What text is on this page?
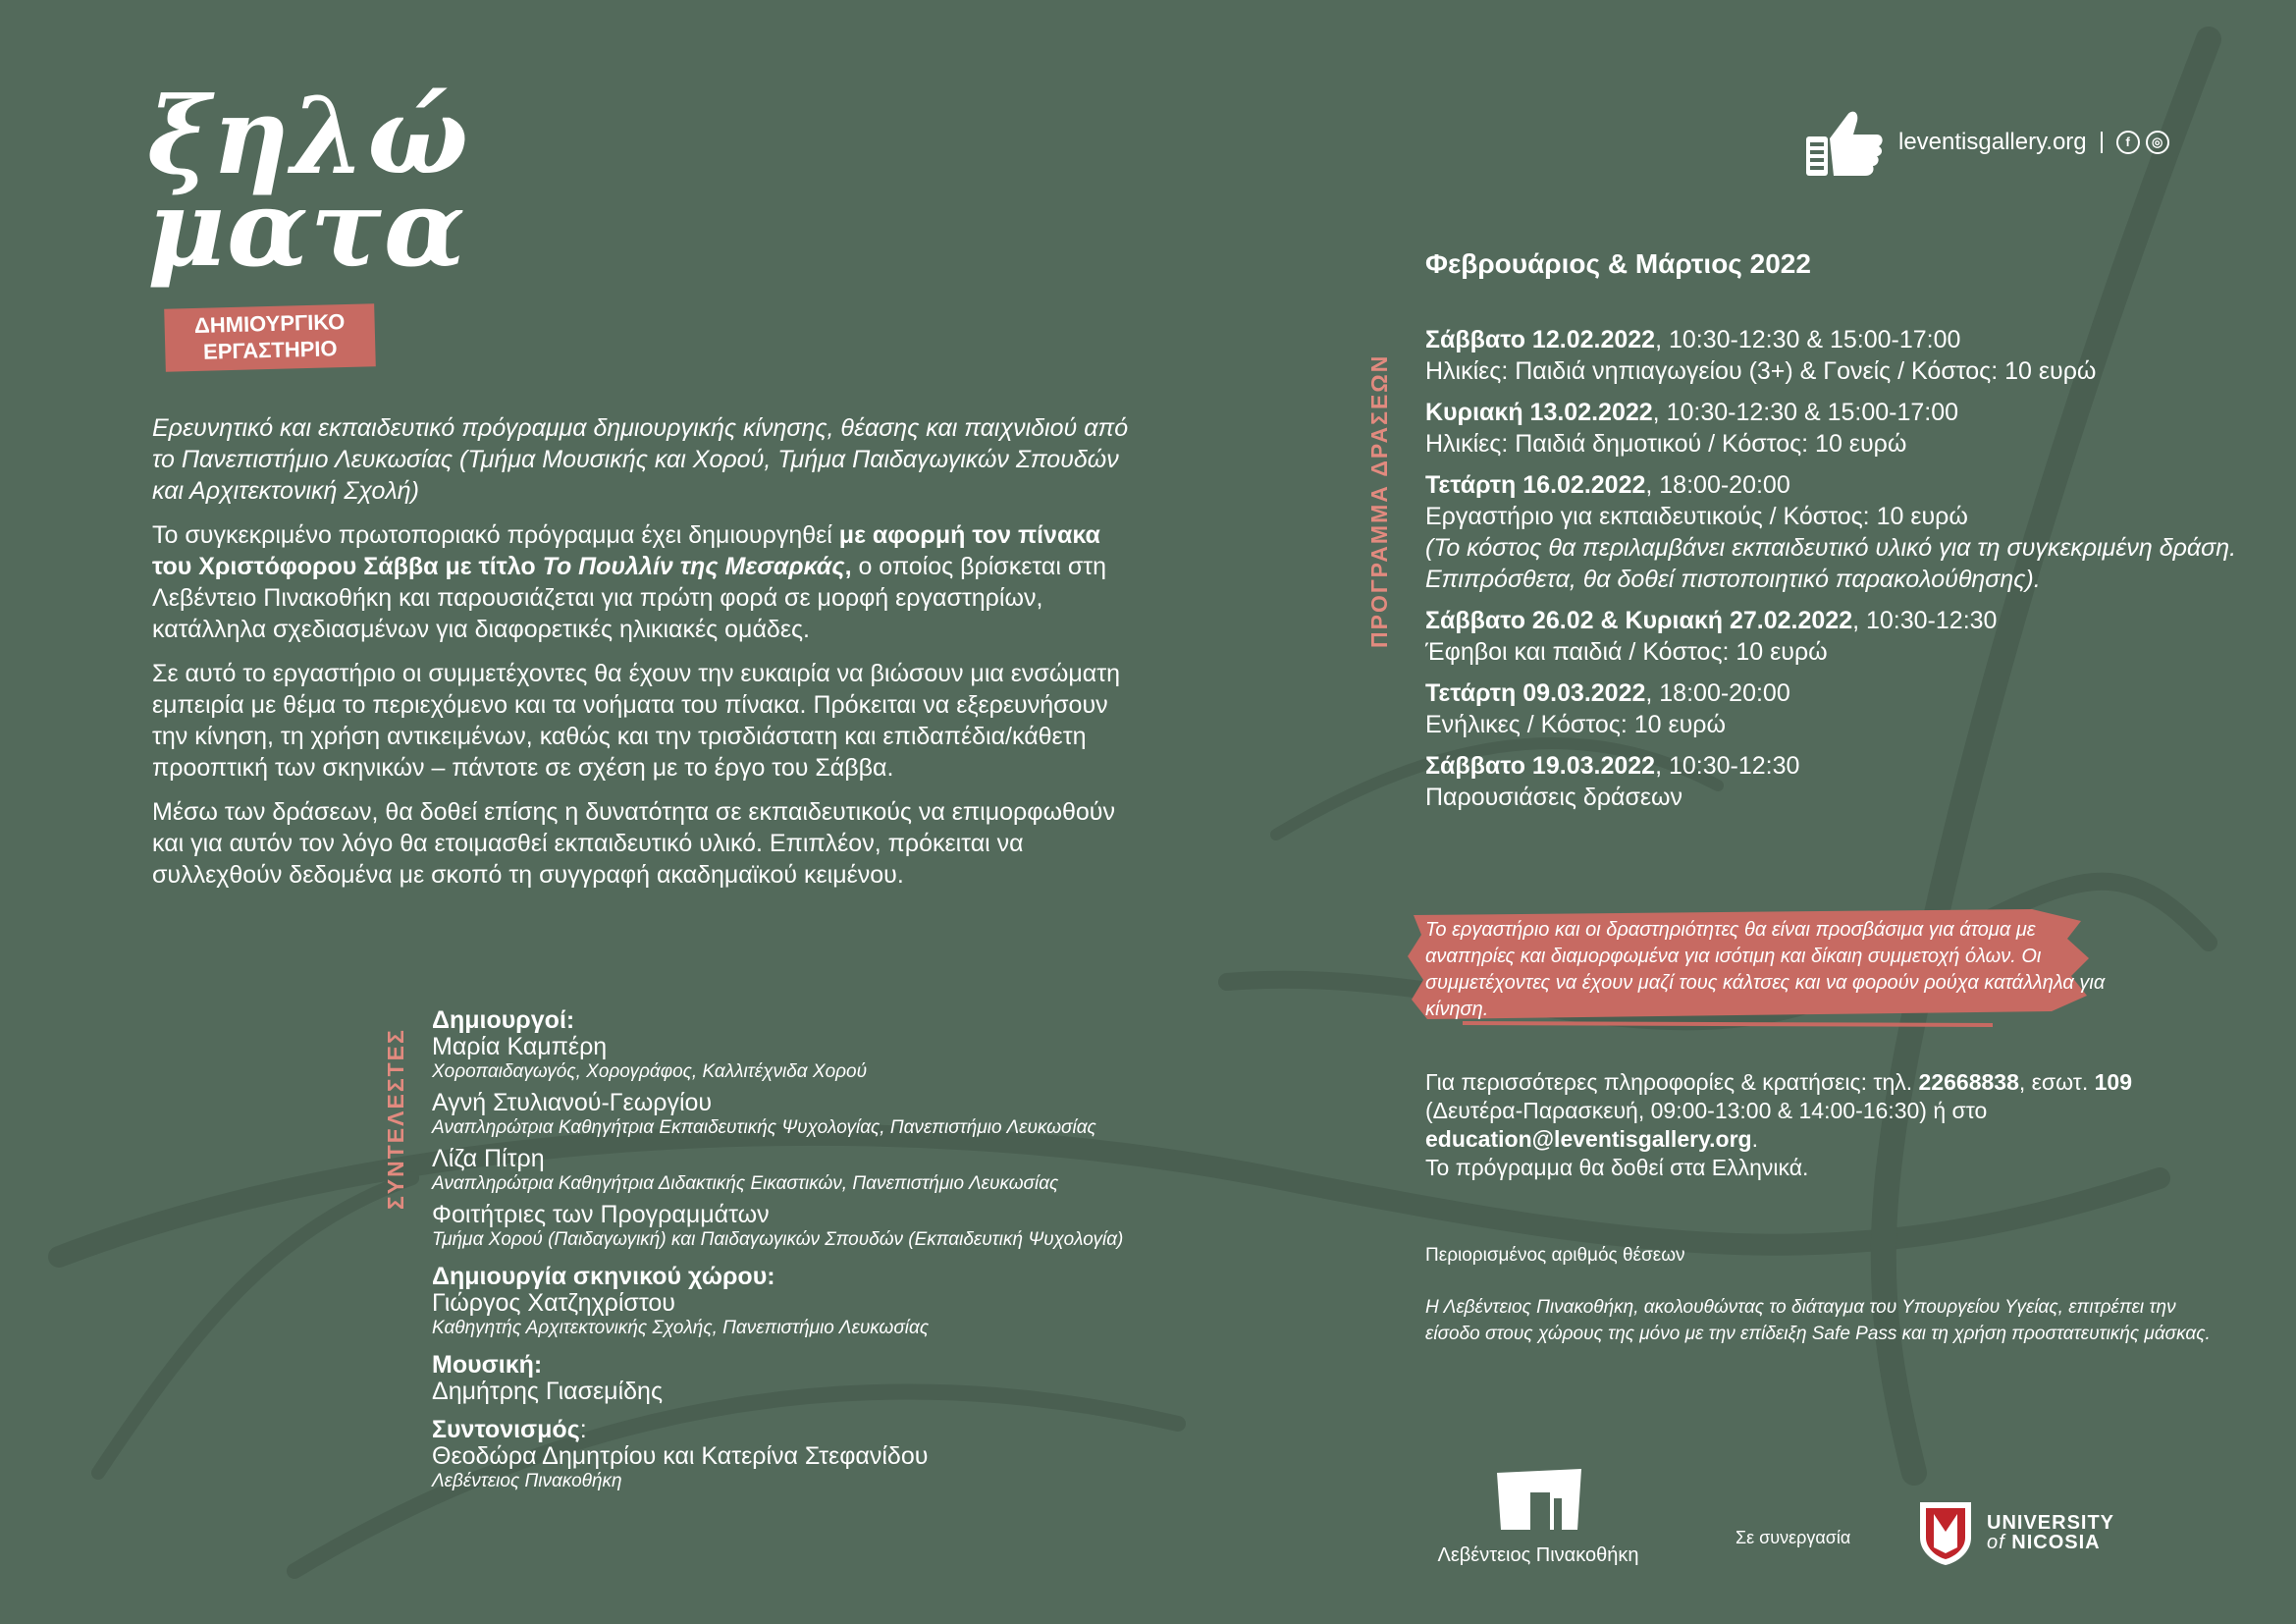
ξηλώ
ματα
ΔΗΜΙΟΥΡΓΙΚΟ
ΕΡΓΑΣΤΗΡΙΟ

Ερευνητικό και εκπαιδευτικό πρόγραμμα δημιουργικής κίνησης, θέασης και παιχνιδιού από το Πανεπιστήμιο Λευκωσίας (Τμήμα Μουσικής και Χορού, Τμήμα Παιδαγωγικών Σπουδών και Αρχιτεκτονική Σχολή)

Το συγκεκριμένο πρωτοποριακό πρόγραμμα έχει δημιουργηθεί με αφορμή τον πίνακα του Χριστόφορου Σάββα με τίτλο Το Πουλλίν της Μεσαρκάς, ο οποίος βρίσκεται στη Λεβέντειο Πινακοθήκη και παρουσιάζεται για πρώτη φορά σε μορφή εργαστηρίων, κατάλληλα σχεδιασμένων για διαφορετικές ηλικιακές ομάδες.

Σε αυτό το εργαστήριο οι συμμετέχοντες θα έχουν την ευκαιρία να βιώσουν μια ενσώματη εμπειρία με θέμα το περιεχόμενο και τα νοήματα του πίνακα. Πρόκειται να εξερευνήσουν την κίνηση, τη χρήση αντικειμένων, καθώς και την τρισδιάστατη και επιδαπέδια/κάθετη προοπτική των σκηνικών – πάντοτε σε σχέση με το έργο του Σάββα.

Μέσω των δράσεων, θα δοθεί επίσης η δυνατότητα σε εκπαιδευτικούς να επιμορφωθούν και για αυτόν τον λόγο θα ετοιμασθεί εκπαιδευτικό υλικό. Επιπλέον, πρόκειται να συλλεχθούν δεδομένα με σκοπό τη συγγραφή ακαδημαϊκού κειμένου.

ΣΥΝΤΕΛΕΣΤΕΣ
Δημιουργοί:
Μαρία Καμπέρη
Χοροπαιδαγωγός, Χορογράφος, Καλλιτέχνιδα Χορού
Αγνή Στυλιανού-Γεωργίου
Αναπληρώτρια Καθηγήτρια Εκπαιδευτικής Ψυχολογίας, Πανεπιστήμιο Λευκωσίας
Λίζα Πίτρη
Αναπληρώτρια Καθηγήτρια Διδακτικής Εικαστικών, Πανεπιστήμιο Λευκωσίας
Φοιτήτριες των Προγραμμάτων
Τμήμα Χορού (Παιδαγωγική) και Παιδαγωγικών Σπουδών (Εκπαιδευτική Ψυχολογία)
Δημιουργία σκηνικού χώρου:
Γιώργος Χατζηχρίστου
Καθηγητής Αρχιτεκτονικής Σχολής, Πανεπιστήμιο Λευκωσίας
Μουσική:
Δημήτρης Γιασεμίδης
Συντονισμός:
Θεοδώρα Δημητρίου και Κατερίνα Στεφανίδου
Λεβέντειος Πινακοθήκη
leventisgallery.org	f	◎
ΠΡΟΓΡΑΜΜΑ ΔΡΑΣΕΩΝ
Φεβρουάριος & Μάρτιος 2022
Σάββατο 12.02.2022, 10:30-12:30 & 15:00-17:00
Ηλικίες: Παιδιά νηπιαγωγείου (3+) & Γονείς / Κόστος: 10 ευρώ
Κυριακή 13.02.2022, 10:30-12:30 & 15:00-17:00
Ηλικίες: Παιδιά δημοτικού / Κόστος: 10 ευρώ
Τετάρτη 16.02.2022, 18:00-20:00
Εργαστήριο για εκπαιδευτικούς / Κόστος: 10 ευρώ
(Το κόστος θα περιλαμβάνει εκπαιδευτικό υλικό για τη συγκεκριμένη δράση. Επιπρόσθετα, θα δοθεί πιστοποιητικό παρακολούθησης).
Σάββατο 26.02 & Κυριακή 27.02.2022, 10:30-12:30
Έφηβοι και παιδιά / Κόστος: 10 ευρώ
Τετάρτη 09.03.2022, 18:00-20:00
Ενήλικες / Κόστος: 10 ευρώ
Σάββατο 19.03.2022, 10:30-12:30
Παρουσιάσεις δράσεων
Το εργαστήριο και οι δραστηριότητες θα είναι προσβάσιμα για άτομα με αναπηρίες και διαμορφωμένα για ισότιμη και δίκαιη συμμετοχή όλων. Οι συμμετέχοντες να έχουν μαζί τους κάλτσες και να φορούν ρούχα κατάλληλα για κίνηση.
Για περισσότερες πληροφορίες & κρατήσεις: τηλ. 22668838, εσωτ. 109 (Δευτέρα-Παρασκευή, 09:00-13:00 & 14:00-16:30) ή στο
education@leventisgallery.org.
Το πρόγραμμα θα δοθεί στα Ελληνικά.
Περιορισμένος αριθμός θέσεων
Η Λεβέντειος Πινακοθήκη, ακολουθώντας το διάταγμα του Υπουργείου Υγείας, επιτρέπει την είσοδο στους χώρους της μόνο με την επίδειξη Safe Pass και τη χρήση προστατευτικής μάσκας.
Λεβέντειος Πινακοθήκη
Σε συνεργασία
UNIVERSITY
of NICOSIA
